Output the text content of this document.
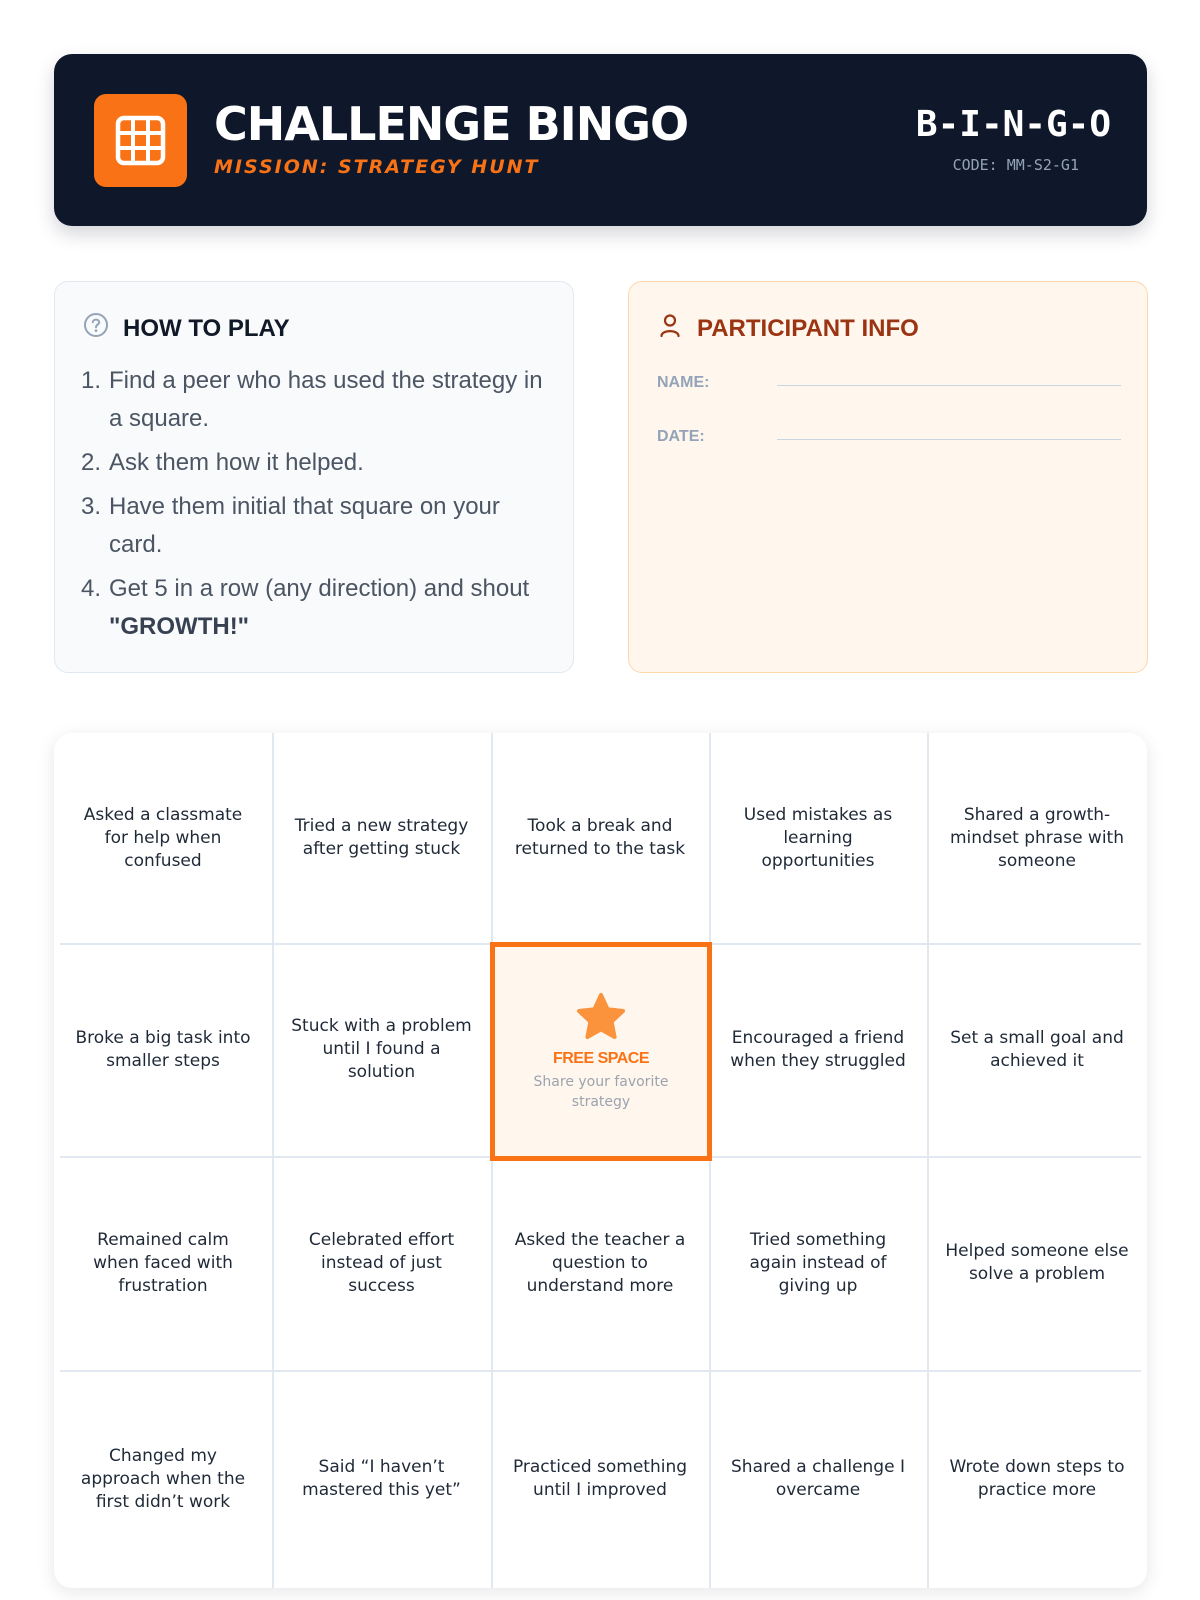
CHALLENGE BINGO
MISSION: STRATEGY HUNT
B-I-N-G-O
CODE: MM-S2-G1
HOW TO PLAY
1. Find a peer who has used the strategy in a square.
2. Ask them how it helped.
3. Have them initial that square on your card.
4. Get 5 in a row (any direction) and shout "GROWTH!"
PARTICIPANT INFO
NAME:
DATE:
FREE SPACE
Share your favorite strategy
Asked a classmate for help when confused
Tried a new strategy after getting stuck
Took a break and returned to the task
Used mistakes as learning opportunities
Shared a growth-mindset phrase with someone
Broke a big task into smaller steps
Stuck with a problem until I found a solution
Encouraged a friend when they struggled
Set a small goal and achieved it
Remained calm when faced with frustration
Celebrated effort instead of just success
Asked the teacher a question to understand more
Tried something again instead of giving up
Helped someone else solve a problem
Changed my approach when the first didn’t work
Said “I haven’t mastered this yet”
Practiced something until I improved
Shared a challenge I overcame
Wrote down steps to practice more
